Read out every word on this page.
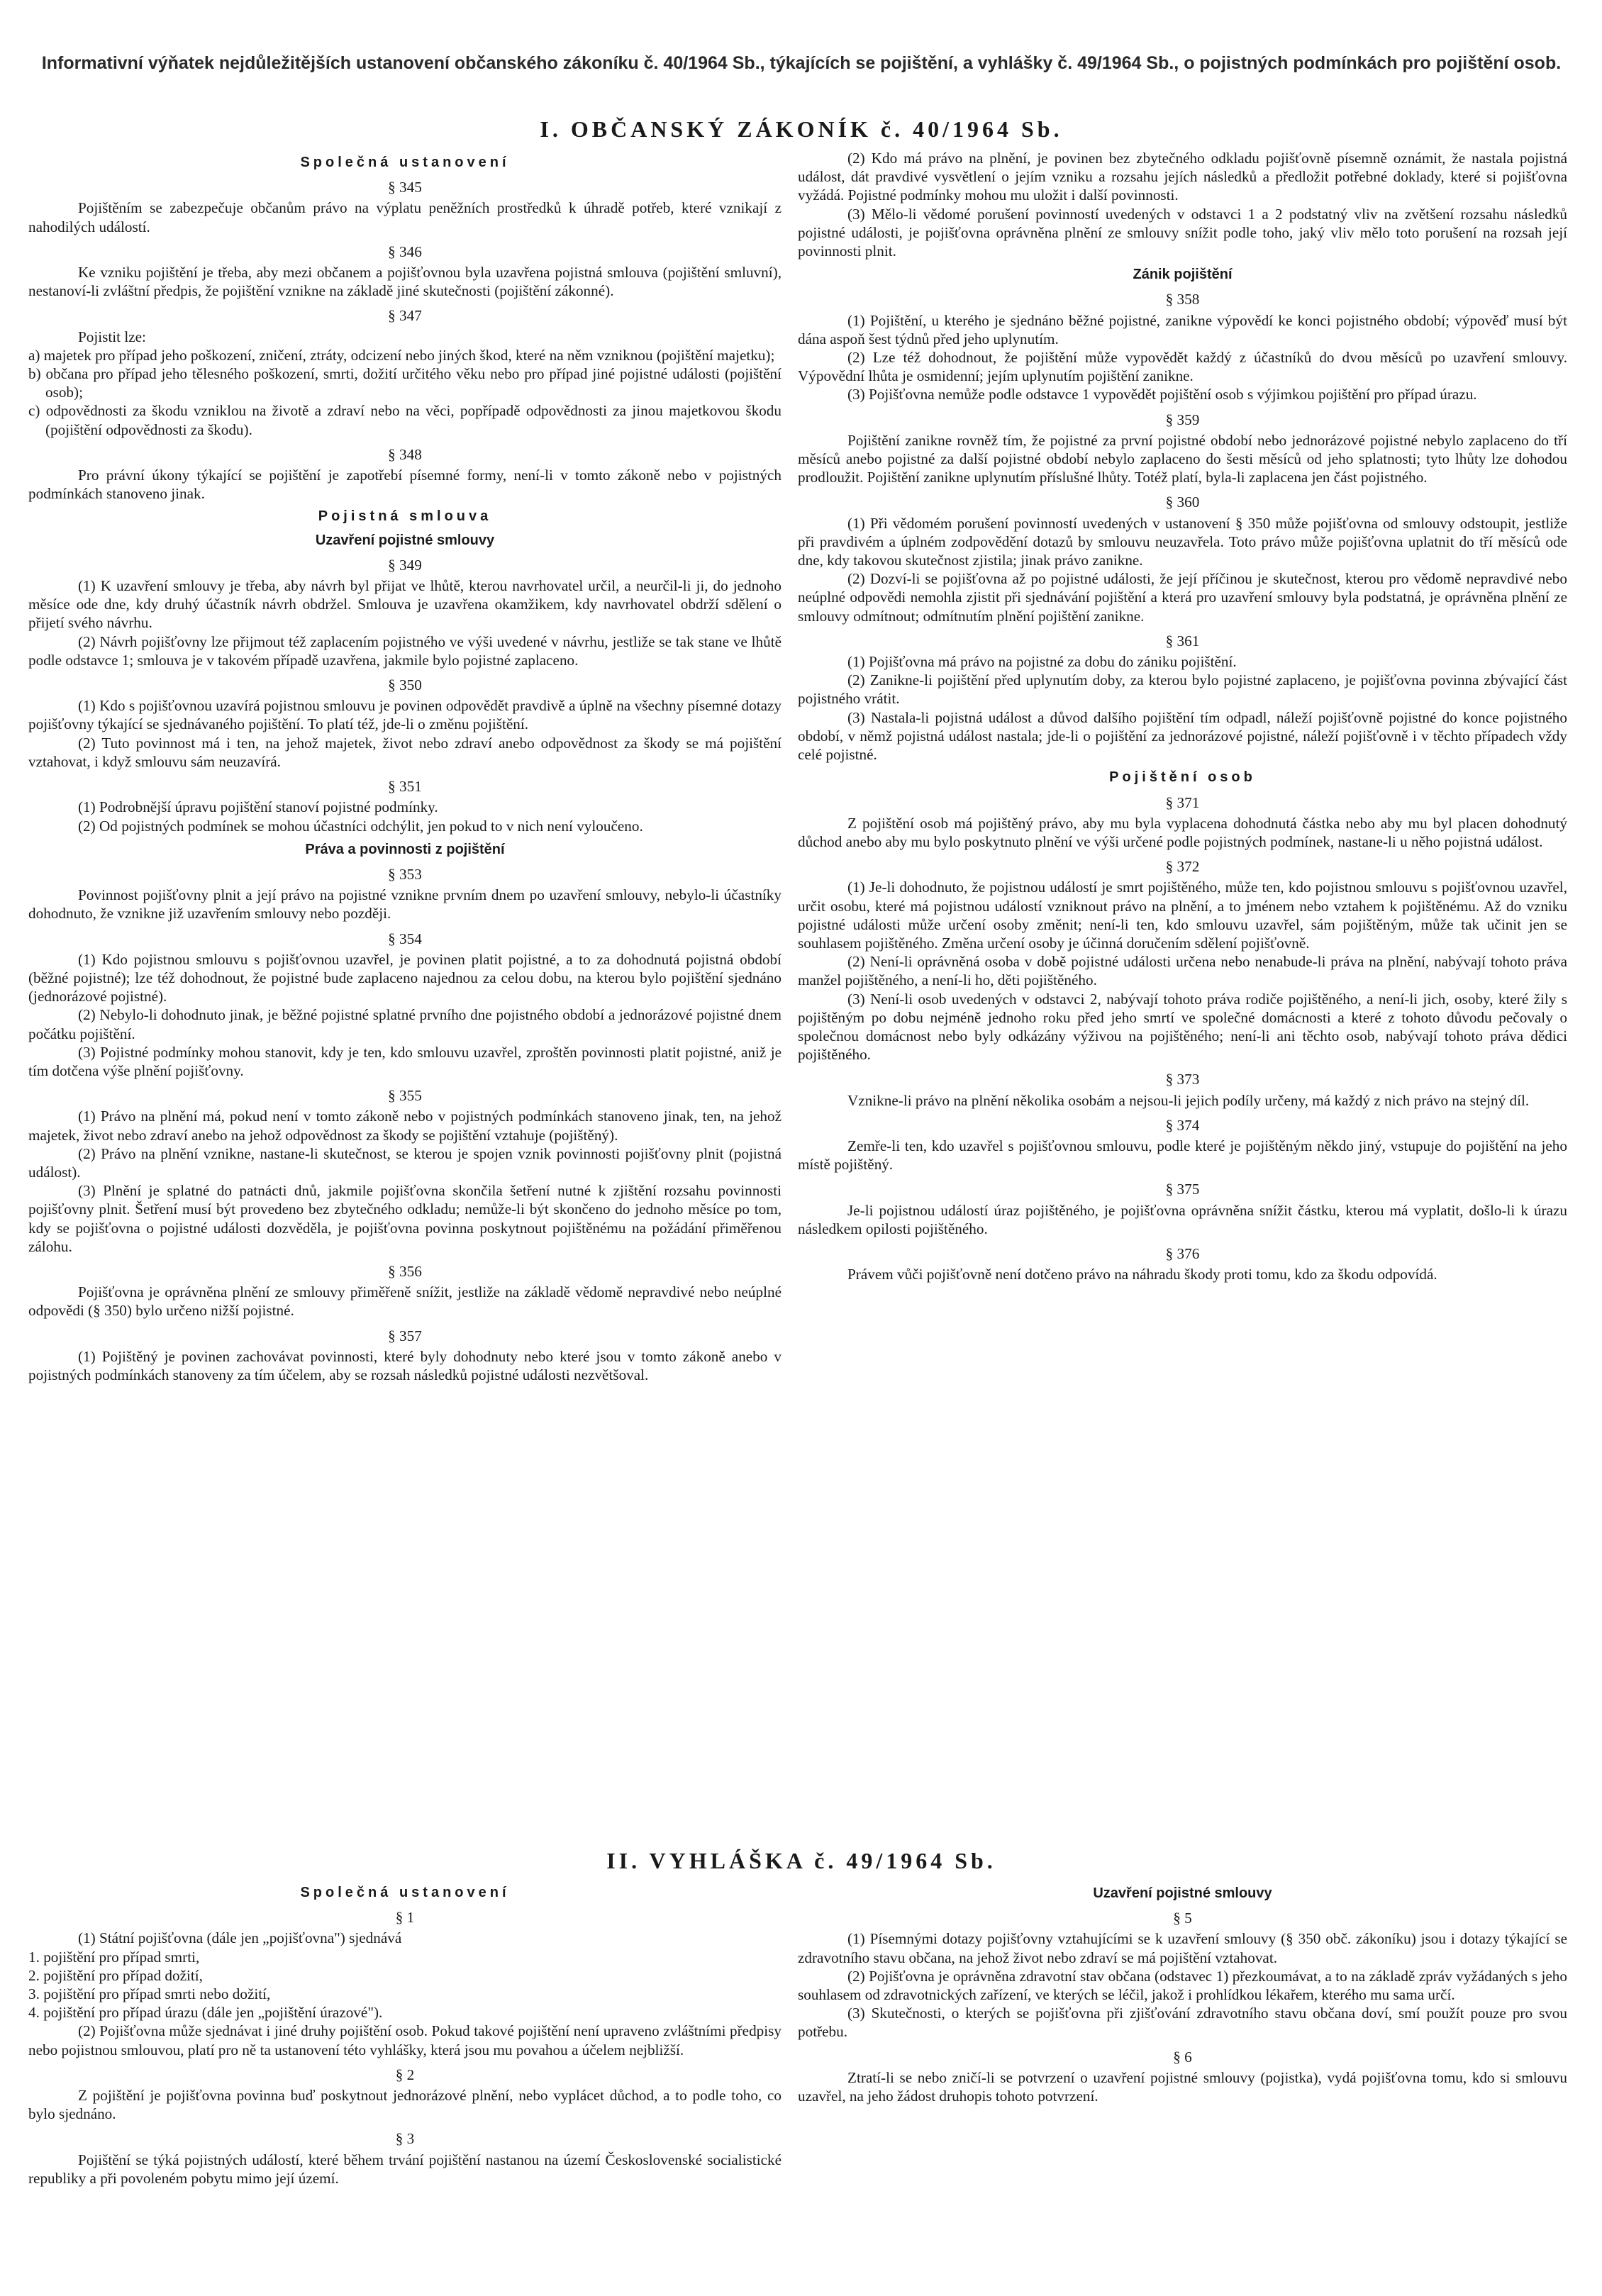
Informativní výňatek nejdůležitějších ustanovení občanského zákoníku č. 40/1964 Sb., týkajících se pojištění, a vyhlášky č. 49/1964 Sb., o pojistných podmínkách pro pojištění osob.
I. OBČANSKÝ ZÁKONÍK č. 40/1964 Sb.
Společná ustanovení
§ 345

Pojištěním se zabezpečuje občanům právo na výplatu peněžních prostředků k úhradě potřeb, které vznikají z nahodilých událostí.

§ 346

Ke vzniku pojištění je třeba, aby mezi občanem a pojišťovnou byla uzavřena pojistná smlouva (pojištění smluvní), nestanoví-li zvláštní předpis, že pojištění vznikne na základě jiné skutečnosti (pojištění zákonné).

§ 347

Pojistit lze:

a) majetek pro případ jeho poškození, zničení, ztráty, odcizení nebo jiných škod, které na něm vzniknou (pojištění majetku);

b) občana pro případ jeho tělesného poškození, smrti, dožití určitého věku nebo pro případ jiné pojistné události (pojištění osob);

c) odpovědnosti za škodu vzniklou na životě a zdraví nebo na věci, popřípadě odpovědnosti za jinou majetkovou škodu (pojištění odpovědnosti za škodu).

§ 348

Pro právní úkony týkající se pojištění je zapotřebí písemné formy, není-li v tomto zákoně nebo v pojistných podmínkách stanoveno jinak.

Pojistná smlouva
Uzavření pojistné smlouvy
§ 349

(1) K uzavření smlouvy je třeba, aby návrh byl přijat ve lhůtě, kterou navrhovatel určil, a neurčil-li ji, do jednoho měsíce ode dne, kdy druhý účastník návrh obdržel. Smlouva je uzavřena okamžikem, kdy navrhovatel obdrží sdělení o přijetí svého návrhu.

(2) Návrh pojišťovny lze přijmout též zaplacením pojistného ve výši uvedené v návrhu, jestliže se tak stane ve lhůtě podle odstavce 1; smlouva je v takovém případě uzavřena, jakmile bylo pojistné zaplaceno.

§ 350

(1) Kdo s pojišťovnou uzavírá pojistnou smlouvu je povinen odpovědět pravdivě a úplně na všechny písemné dotazy pojišťovny týkající se sjednávaného pojištění. To platí též, jde-li o změnu pojištění.

(2) Tuto povinnost má i ten, na jehož majetek, život nebo zdraví anebo odpovědnost za škody se má pojištění vztahovat, i když smlouvu sám neuzavírá.

§ 351

(1) Podrobnější úpravu pojištění stanoví pojistné podmínky.

(2) Od pojistných podmínek se mohou účastníci odchýlit, jen pokud to v nich není vyloučeno.

Práva a povinnosti z pojištění
§ 353

Povinnost pojišťovny plnit a její právo na pojistné vznikne prvním dnem po uzavření smlouvy, nebylo-li účastníky dohodnuto, že vznikne již uzavřením smlouvy nebo později.

§ 354

(1) Kdo pojistnou smlouvu s pojišťovnou uzavřel, je povinen platit pojistné, a to za dohodnutá pojistná období (běžné pojistné); lze též dohodnout, že pojistné bude zaplaceno najednou za celou dobu, na kterou bylo pojištění sjednáno (jednorázové pojistné).

(2) Nebylo-li dohodnuto jinak, je běžné pojistné splatné prvního dne pojistného období a jednorázové pojistné dnem počátku pojištění.

(3) Pojistné podmínky mohou stanovit, kdy je ten, kdo smlouvu uzavřel, zproštěn povinnosti platit pojistné, aniž je tím dotčena výše plnění pojišťovny.

§ 355

(1) Právo na plnění má, pokud není v tomto zákoně nebo v pojistných podmínkách stanoveno jinak, ten, na jehož majetek, život nebo zdraví anebo na jehož odpovědnost za škody se pojištění vztahuje (pojištěný).

(2) Právo na plnění vznikne, nastane-li skutečnost, se kterou je spojen vznik povinnosti pojišťovny plnit (pojistná událost).

(3) Plnění je splatné do patnácti dnů, jakmile pojišťovna skončila šetření nutné k zjištění rozsahu povinnosti pojišťovny plnit. Šetření musí být provedeno bez zbytečného odkladu; nemůže-li být skončeno do jednoho měsíce po tom, kdy se pojišťovna o pojistné události dozvěděla, je pojišťovna povinna poskytnout pojištěnému na požádání přiměřenou zálohu.

§ 356

Pojišťovna je oprávněna plnění ze smlouvy přiměřeně snížit, jestliže na základě vědomě nepravdivé nebo neúplné odpovědi (§ 350) bylo určeno nižší pojistné.

§ 357

(1) Pojištěný je povinen zachovávat povinnosti, které byly dohodnuty nebo které jsou v tomto zákoně anebo v pojistných podmínkách stanoveny za tím účelem, aby se rozsah následků pojistné události nezvětšoval.

(2) Kdo má právo na plnění, je povinen bez zbytečného odkladu pojišťovně písemně oznámit, že nastala pojistná událost, dát pravdivé vysvětlení o jejím vzniku a rozsahu jejích následků a předložit potřebné doklady, které si pojišťovna vyžádá. Pojistné podmínky mohou mu uložit i další povinnosti.

(3) Mělo-li vědomé porušení povinností uvedených v odstavci 1 a 2 podstatný vliv na zvětšení rozsahu následků pojistné události, je pojišťovna oprávněna plnění ze smlouvy snížit podle toho, jaký vliv mělo toto porušení na rozsah její povinnosti plnit.

Zánik pojištění
§ 358

(1) Pojištění, u kterého je sjednáno běžné pojistné, zanikne výpovědí ke konci pojistného období; výpověď musí být dána aspoň šest týdnů před jeho uplynutím.

(2) Lze též dohodnout, že pojištění může vypovědět každý z účastníků do dvou měsíců po uzavření smlouvy. Výpovědní lhůta je osmidenní; jejím uplynutím pojištění zanikne.

(3) Pojišťovna nemůže podle odstavce 1 vypovědět pojištění osob s výjimkou pojištění pro případ úrazu.

§ 359

Pojištění zanikne rovněž tím, že pojistné za první pojistné období nebo jednorázové pojistné nebylo zaplaceno do tří měsíců anebo pojistné za další pojistné období nebylo zaplaceno do šesti měsíců od jeho splatnosti; tyto lhůty lze dohodou prodloužit. Pojištění zanikne uplynutím příslušné lhůty. Totéž platí, byla-li zaplacena jen část pojistného.

§ 360

(1) Při vědomém porušení povinností uvedených v ustanovení § 350 může pojišťovna od smlouvy odstoupit, jestliže při pravdivém a úplném zodpovědění dotazů by smlouvu neuzavřela. Toto právo může pojišťovna uplatnit do tří měsíců ode dne, kdy takovou skutečnost zjistila; jinak právo zanikne.

(2) Dozví-li se pojišťovna až po pojistné události, že její příčinou je skutečnost, kterou pro vědomě nepravdivé nebo neúplné odpovědi nemohla zjistit při sjednávání pojištění a která pro uzavření smlouvy byla podstatná, je oprávněna plnění ze smlouvy odmítnout; odmítnutím plnění pojištění zanikne.

§ 361

(1) Pojišťovna má právo na pojistné za dobu do zániku pojištění.

(2) Zanikne-li pojištění před uplynutím doby, za kterou bylo pojistné zaplaceno, je pojišťovna povinna zbývající část pojistného vrátit.

(3) Nastala-li pojistná událost a důvod dalšího pojištění tím odpadl, náleží pojišťovně pojistné do konce pojistného období, v němž pojistná událost nastala; jde-li o pojištění za jednorázové pojistné, náleží pojišťovně i v těchto případech vždy celé pojistné.

Pojištění osob
§ 371

Z pojištění osob má pojištěný právo, aby mu byla vyplacena dohodnutá částka nebo aby mu byl placen dohodnutý důchod anebo aby mu bylo poskytnuto plnění ve výši určené podle pojistných podmínek, nastane-li u něho pojistná událost.

§ 372

(1) Je-li dohodnuto, že pojistnou událostí je smrt pojištěného, může ten, kdo pojistnou smlouvu s pojišťovnou uzavřel, určit osobu, které má pojistnou událostí vzniknout právo na plnění, a to jménem nebo vztahem k pojištěnému. Až do vzniku pojistné události může určení osoby změnit; není-li ten, kdo smlouvu uzavřel, sám pojištěným, může tak učinit jen se souhlasem pojištěného. Změna určení osoby je účinná doručením sdělení pojišťovně.

(2) Není-li oprávněná osoba v době pojistné události určena nebo nenabude-li práva na plnění, nabývají tohoto práva manžel pojištěného, a není-li ho, děti pojištěného.

(3) Není-li osob uvedených v odstavci 2, nabývají tohoto práva rodiče pojištěného, a není-li jich, osoby, které žily s pojištěným po dobu nejméně jednoho roku před jeho smrtí ve společné domácnosti a které z tohoto důvodu pečovaly o společnou domácnost nebo byly odkázány výživou na pojištěného; není-li ani těchto osob, nabývají tohoto práva dědici pojištěného.

§ 373

Vznikne-li právo na plnění několika osobám a nejsou-li jejich podíly určeny, má každý z nich právo na stejný díl.

§ 374

Zemře-li ten, kdo uzavřel s pojišťovnou smlouvu, podle které je pojištěným někdo jiný, vstupuje do pojištění na jeho místě pojištěný.

§ 375

Je-li pojistnou událostí úraz pojištěného, je pojišťovna oprávněna snížit částku, kterou má vyplatit, došlo-li k úrazu následkem opilosti pojištěného.

§ 376

Právem vůči pojišťovně není dotčeno právo na náhradu škody proti tomu, kdo za škodu odpovídá.

II. VYHLÁŠKA č. 49/1964 Sb.
Společná ustanovení
§ 1

(1) Státní pojišťovna (dále jen „pojišťovna") sjednává

1. pojištění pro případ smrti,

2. pojištění pro případ dožití,

3. pojištění pro případ smrti nebo dožití,

4. pojištění pro případ úrazu (dále jen „pojištění úrazové").

(2) Pojišťovna může sjednávat i jiné druhy pojištění osob. Pokud takové pojištění není upraveno zvláštními předpisy nebo pojistnou smlouvou, platí pro ně ta ustanovení této vyhlášky, která jsou mu povahou a účelem nejbližší.

§ 2

Z pojištění je pojišťovna povinna buď poskytnout jednorázové plnění, nebo vyplácet důchod, a to podle toho, co bylo sjednáno.

§ 3

Pojištění se týká pojistných událostí, které během trvání pojištění nastanou na území Československé socialistické republiky a při povoleném pobytu mimo její území.

Uzavření pojistné smlouvy
§ 5

(1) Písemnými dotazy pojišťovny vztahujícími se k uzavření smlouvy (§ 350 obč. zákoníku) jsou i dotazy týkající se zdravotního stavu občana, na jehož život nebo zdraví se má pojištění vztahovat.

(2) Pojišťovna je oprávněna zdravotní stav občana (odstavec 1) přezkoumávat, a to na základě zpráv vyžádaných s jeho souhlasem od zdravotnických zařízení, ve kterých se léčil, jakož i prohlídkou lékařem, kterého mu sama určí.

(3) Skutečnosti, o kterých se pojišťovna při zjišťování zdravotního stavu občana doví, smí použít pouze pro svou potřebu.

§ 6

Ztratí-li se nebo zničí-li se potvrzení o uzavření pojistné smlouvy (pojistka), vydá pojišťovna tomu, kdo si smlouvu uzavřel, na jeho žádost druhopis tohoto potvrzení.
